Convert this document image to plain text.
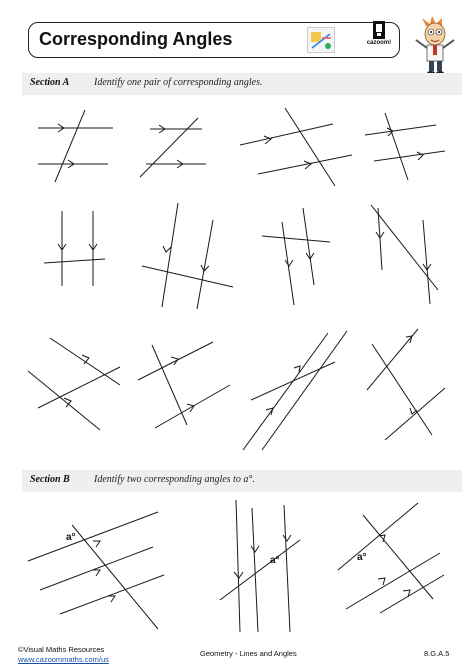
Corresponding Angles	cazoom!
Section A Identify one pair of corresponding angles.
Section B Identify two corresponding angles to a°.
a°
a°	a°
©Visual Maths Resources
www.cazoommaths.com/us
Geometry - Lines and Angles	8.G.A.5
